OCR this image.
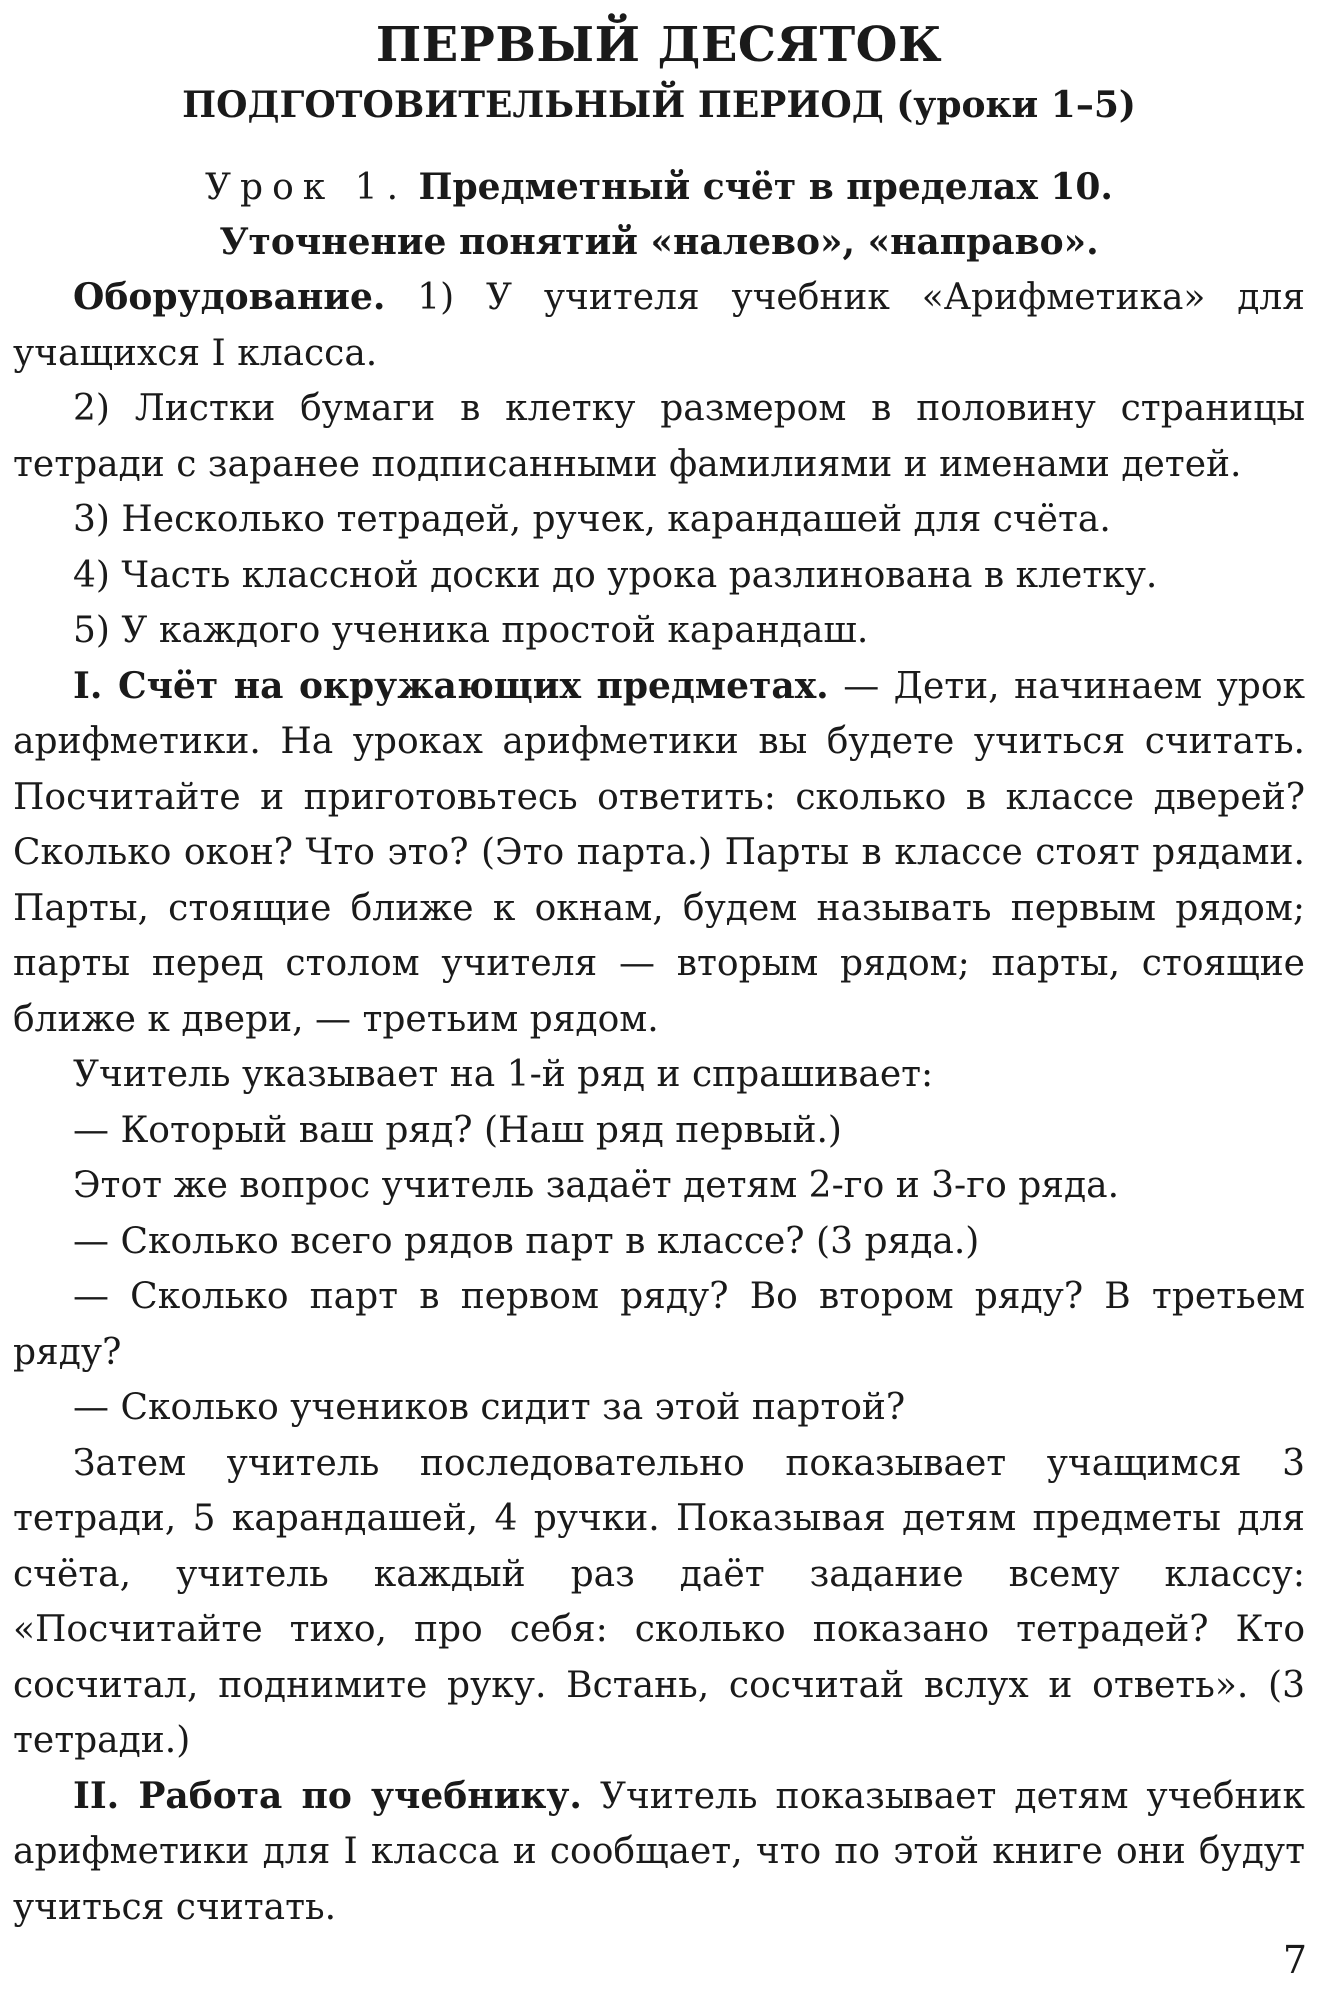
ПЕРВЫЙ ДЕСЯТОК
ПОДГОТОВИТЕЛЬНЫЙ ПЕРИОД (уроки 1–5)
Урок 1. Предметный счёт в пределах 10.
Уточнение понятий «налево», «направо».

Оборудование. 1) У учителя учебник «Арифметика» для учащихся I класса.

2) Листки бумаги в клетку размером в половину страницы тетради с заранее подписанными фамилиями и именами детей.

3) Несколько тетрадей, ручек, карандашей для счёта.

4) Часть классной доски до урока разлинована в клетку.

5) У каждого ученика простой карандаш.

I. Счёт на окружающих предметах. — Дети, начинаем урок арифметики. На уроках арифметики вы будете учиться считать. Посчитайте и приготовьтесь ответить: сколько в классе дверей? Сколько окон? Что это? (Это парта.) Парты в классе стоят рядами. Парты, стоящие ближе к окнам, будем называть первым рядом; парты перед столом учителя — вторым рядом; парты, стоящие ближе к двери, — третьим рядом.

Учитель указывает на 1-й ряд и спрашивает:

— Который ваш ряд? (Наш ряд первый.)

Этот же вопрос учитель задаёт детям 2-го и 3-го ряда.

— Сколько всего рядов парт в классе? (3 ряда.)

— Сколько парт в первом ряду? Во втором ряду? В третьем ряду?

— Сколько учеников сидит за этой партой?

Затем учитель последовательно показывает учащимся 3 тетради, 5 карандашей, 4 ручки. Показывая детям предметы для счёта, учитель каждый раз даёт задание всему классу: «Посчитайте тихо, про себя: сколько показано тетрадей? Кто сосчитал, поднимите руку. Встань, сосчитай вслух и ответь». (3 тетради.)

II. Работа по учебнику. Учитель показывает детям учебник арифметики для I класса и сообщает, что по этой книге они будут учиться считать.

7
